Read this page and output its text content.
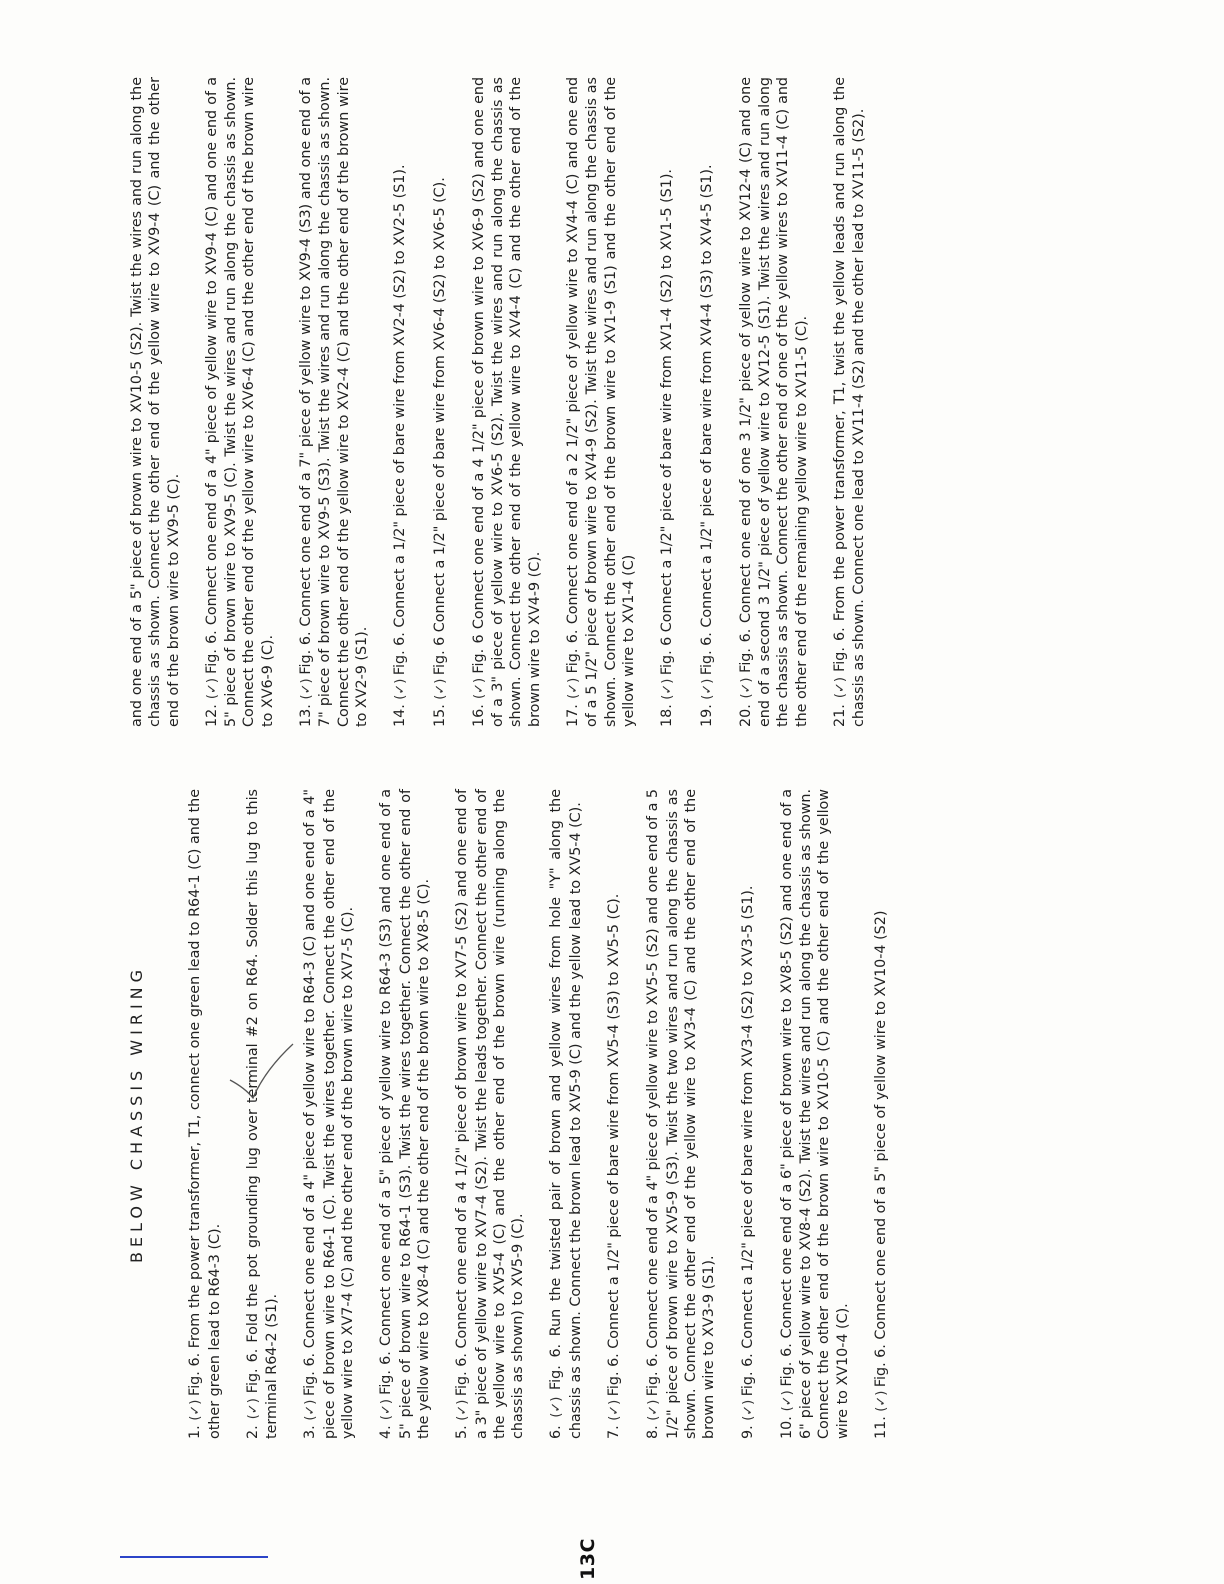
13C
BELOW CHASSIS WIRING

1. (✓) Fig. 6. From the power transformer, T1, connect one green lead to R64-1 (C) and the other green lead to R64-3 (C). 2. (✓) Fig. 6. Fold the pot grounding lug over terminal #2 on R64. Solder this lug to this terminal R64-2 (S1). 3. (✓) Fig. 6. Connect one end of a 4" piece of yellow wire to R64-3 (C) and one end of a 4" piece of brown wire to R64-1 (C). Twist the wires together. Connect the other end of the yellow wire to XV7-4 (C) and the other end of the brown wire to XV7-5 (C). 4. (✓) Fig. 6. Connect one end of a 5" piece of yellow wire to R64-3 (S3) and one end of a 5" piece of brown wire to R64-1 (S3). Twist the wires together. Connect the other end of the yellow wire to XV8-4 (C) and the other end of the brown wire to XV8-5 (C). 5. (✓) Fig. 6. Connect one end of a 4 1/2" piece of brown wire to XV7-5 (S2) and one end of a 3" piece of yellow wire to XV7-4 (S2). Twist the leads together. Connect the other end of the yellow wire to XV5-4 (C) and the other end of the brown wire (running along the chassis as shown) to XV5-9 (C). 6. (✓) Fig. 6. Run the twisted pair of brown and yellow wires from hole "Y" along the chassis as shown. Connect the brown lead to XV5-9 (C) and the yellow lead to XV5-4 (C). 7. (✓) Fig. 6. Connect a 1/2" piece of bare wire from XV5-4 (S3) to XV5-5 (C).

8. (✓) Fig. 6. Connect one end of a 4" piece of yellow wire to XV5-5 (S2) and one end of a 5 1/2" piece of brown wire to XV5-9 (S3). Twist the two wires and run along the chassis as shown. Connect the other end of the yellow wire to XV3-4 (C) and the other end of the brown wire to XV3-9 (S1). 9. (✓) Fig. 6. Connect a 1/2" piece of bare wire from XV3-4 (S2) to XV3-5 (S1).

10. (✓) Fig. 6. Connect one end of a 6" piece of brown wire to XV8-5 (S2) and one end of a 6" piece of yellow wire to XV8-4 (S2). Twist the wires and run along the chassis as shown. Connect the other end of the brown wire to XV10-5 (C) and the other end of the yellow wire to XV10-4 (C). 11. (✓) Fig. 6. Connect one end of a 5" piece of yellow wire to XV10-4 (S2)

and one end of a 5" piece of brown wire to XV10-5 (S2). Twist the wires and run along the chassis as shown. Connect the other end of the yellow wire to XV9-4 (C) and the other end of the brown wire to XV9-5 (C). 12. (✓) Fig. 6. Connect one end of a 4" piece of yellow wire to XV9-4 (C) and one end of a 5" piece of brown wire to XV9-5 (C). Twist the wires and run along the chassis as shown. Connect the other end of the yellow wire to XV6-4 (C) and the other end of the brown wire to XV6-9 (C). 13. (✓) Fig. 6. Connect one end of a 7" piece of yellow wire to XV9-4 (S3) and one end of a 7" piece of brown wire to XV9-5 (S3). Twist the wires and run along the chassis as shown. Connect the other end of the yellow wire to XV2-4 (C) and the other end of the brown wire to XV2-9 (S1). 14. (✓) Fig. 6. Connect a 1/2" piece of bare wire from XV2-4 (S2) to XV2-5 (S1).

15. (✓) Fig. 6 Connect a 1/2" piece of bare wire from XV6-4 (S2) to XV6-5 (C).

16. (✓) Fig. 6 Connect one end of a 4 1/2" piece of brown wire to XV6-9 (S2) and one end of a 3" piece of yellow wire to XV6-5 (S2). Twist the wires and run along the chassis as shown. Connect the other end of the yellow wire to XV4-4 (C) and the other end of the brown wire to XV4-9 (C). 17. (✓) Fig. 6. Connect one end of a 2 1/2" piece of yellow wire to XV4-4 (C) and one end of a 5 1/2" piece of brown wire to XV4-9 (S2). Twist the wires and run along the chassis as shown. Connect the other end of the brown wire to XV1-9 (S1) and the other end of the yellow wire to XV1-4 (C) 18. (✓) Fig. 6 Connect a 1/2" piece of bare wire from XV1-4 (S2) to XV1-5 (S1).

19. (✓) Fig. 6. Connect a 1/2" piece of bare wire from XV4-4 (S3) to XV4-5 (S1).

20. (✓) Fig. 6. Connect one end of one 3 1/2" piece of yellow wire to XV12-4 (C) and one end of a second 3 1/2" piece of yellow wire to XV12-5 (S1). Twist the wires and run along the chassis as shown. Connect the other end of one of the yellow wires to XV11-4 (C) and the other end of the remaining yellow wire to XV11-5 (C). 21. (✓) Fig. 6. From the power transformer, T1, twist the yellow leads and run along the chassis as shown. Connect one lead to XV11-4 (S2) and the other lead to XV11-5 (S2).
